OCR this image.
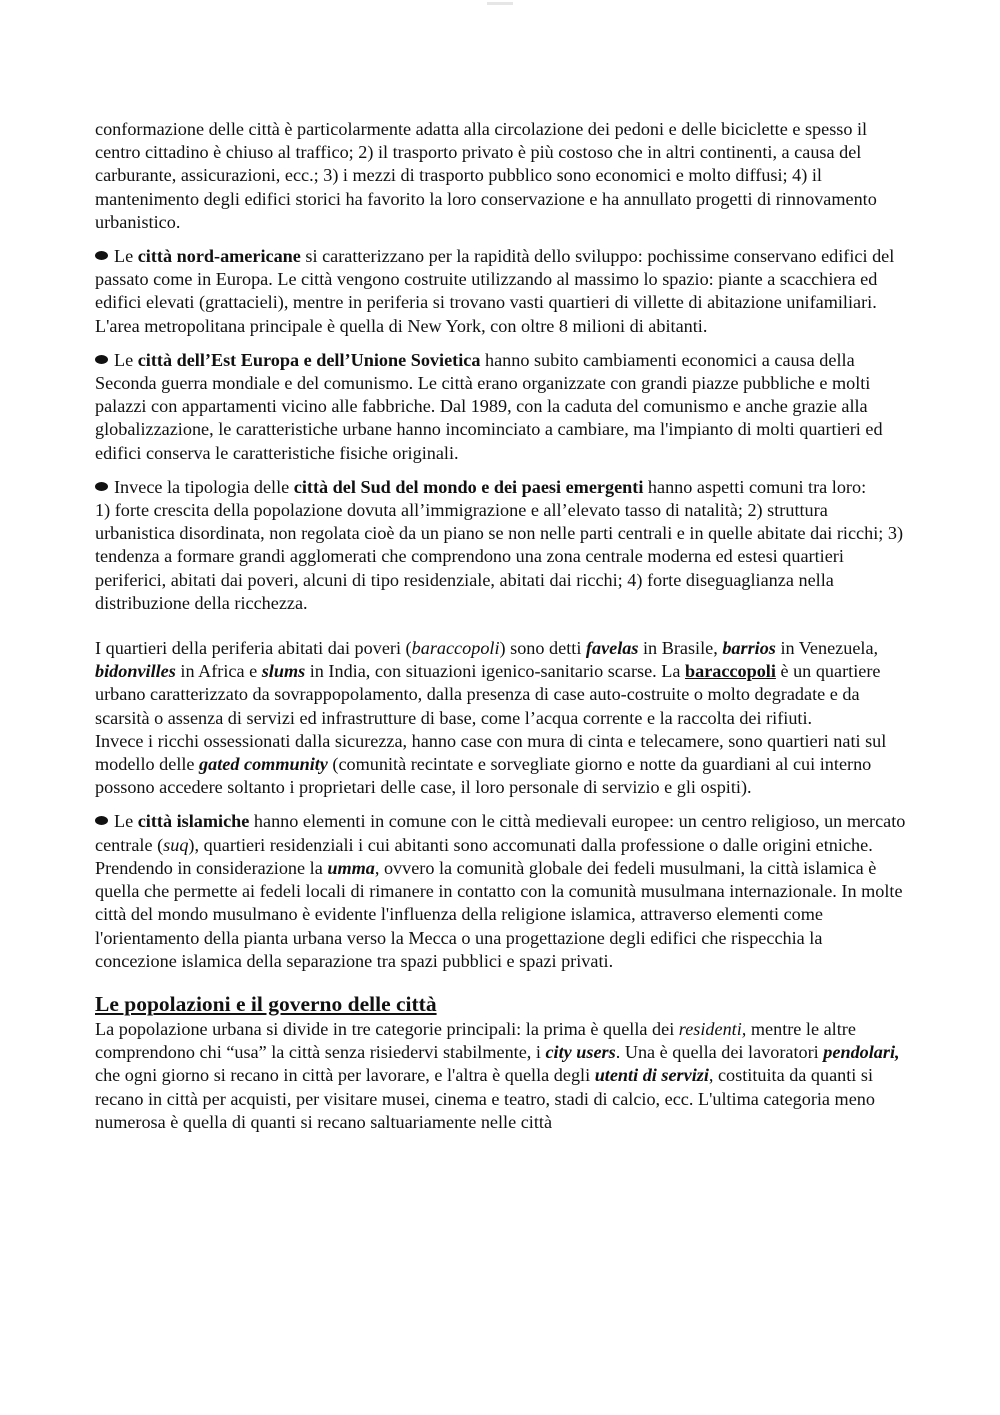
conformazione delle città è particolarmente adatta alla circolazione dei pedoni e delle biciclette e spesso il centro cittadino è chiuso al traffico; 2) il trasporto privato è più costoso che in altri continenti, a causa del carburante, assicurazioni, ecc.; 3) i mezzi di trasporto pubblico sono economici e molto diffusi; 4) il mantenimento degli edifici storici ha favorito la loro conservazione e ha annullato progetti di rinnovamento urbanistico.

Le città nord-americane si caratterizzano per la rapidità dello sviluppo: pochissime conservano edifici del passato come in Europa. Le città vengono costruite utilizzando al massimo lo spazio: piante a scacchiera ed edifici elevati (grattacieli), mentre in periferia si trovano vasti quartieri di villette di abitazione unifamiliari. L'area metropolitana principale è quella di New York, con oltre 8 milioni di abitanti.

Le città dell’Est Europa e dell’Unione Sovietica hanno subito cambiamenti economici a causa della Seconda guerra mondiale e del comunismo. Le città erano organizzate con grandi piazze pubbliche e molti palazzi con appartamenti vicino alle fabbriche. Dal 1989, con la caduta del comunismo e anche grazie alla globalizzazione, le caratteristiche urbane hanno incominciato a cambiare, ma l'impianto di molti quartieri ed edifici conserva le caratteristiche fisiche originali.

Invece la tipologia delle città del Sud del mondo e dei paesi emergenti hanno aspetti comuni tra loro:

1) forte crescita della popolazione dovuta all’immigrazione e all’elevato tasso di natalità; 2) struttura urbanistica disordinata, non regolata cioè da un piano se non nelle parti centrali e in quelle abitate dai ricchi; 3) tendenza a formare grandi agglomerati che comprendono una zona centrale moderna ed estesi quartieri periferici, abitati dai poveri, alcuni di tipo residenziale, abitati dai ricchi; 4) forte diseguaglianza nella distribuzione della ricchezza.

I quartieri della periferia abitati dai poveri (baraccopoli) sono detti favelas in Brasile, barrios in Venezuela, bidonvilles in Africa e slums in India, con situazioni igenico-sanitario scarse. La baraccopoli è un quartiere urbano caratterizzato da sovrappopolamento, dalla presenza di case auto-costruite o molto degradate e da scarsità o assenza di servizi ed infrastrutture di base, come l’acqua corrente e la raccolta dei rifiuti.

Invece i ricchi ossessionati dalla sicurezza, hanno case con mura di cinta e telecamere, sono quartieri nati sul modello delle gated community (comunità recintate e sorvegliate giorno e notte da guardiani al cui interno possono accedere soltanto i proprietari delle case, il loro personale di servizio e gli ospiti).

Le città islamiche hanno elementi in comune con le città medievali europee: un centro religioso, un mercato centrale (suq), quartieri residenziali i cui abitanti sono accomunati dalla professione o dalle origini etniche. Prendendo in considerazione la umma, ovvero la comunità globale dei fedeli musulmani, la città islamica è quella che permette ai fedeli locali di rimanere in contatto con la comunità musulmana internazionale. In molte città del mondo musulmano è evidente l'influenza della religione islamica, attraverso elementi come l'orientamento della pianta urbana verso la Mecca o una progettazione degli edifici che rispecchia la concezione islamica della separazione tra spazi pubblici e spazi privati.

Le popolazioni e il governo delle città

La popolazione urbana si divide in tre categorie principali: la prima è quella dei residenti, mentre le altre comprendono chi “usa” la città senza risiedervi stabilmente, i city users. Una è quella dei lavoratori pendolari, che ogni giorno si recano in città per lavorare, e l'altra è quella degli utenti di servizi, costituita da quanti si recano in città per acquisti, per visitare musei, cinema e teatro, stadi di calcio, ecc. L'ultima categoria meno numerosa è quella di quanti si recano saltuariamente nelle città
